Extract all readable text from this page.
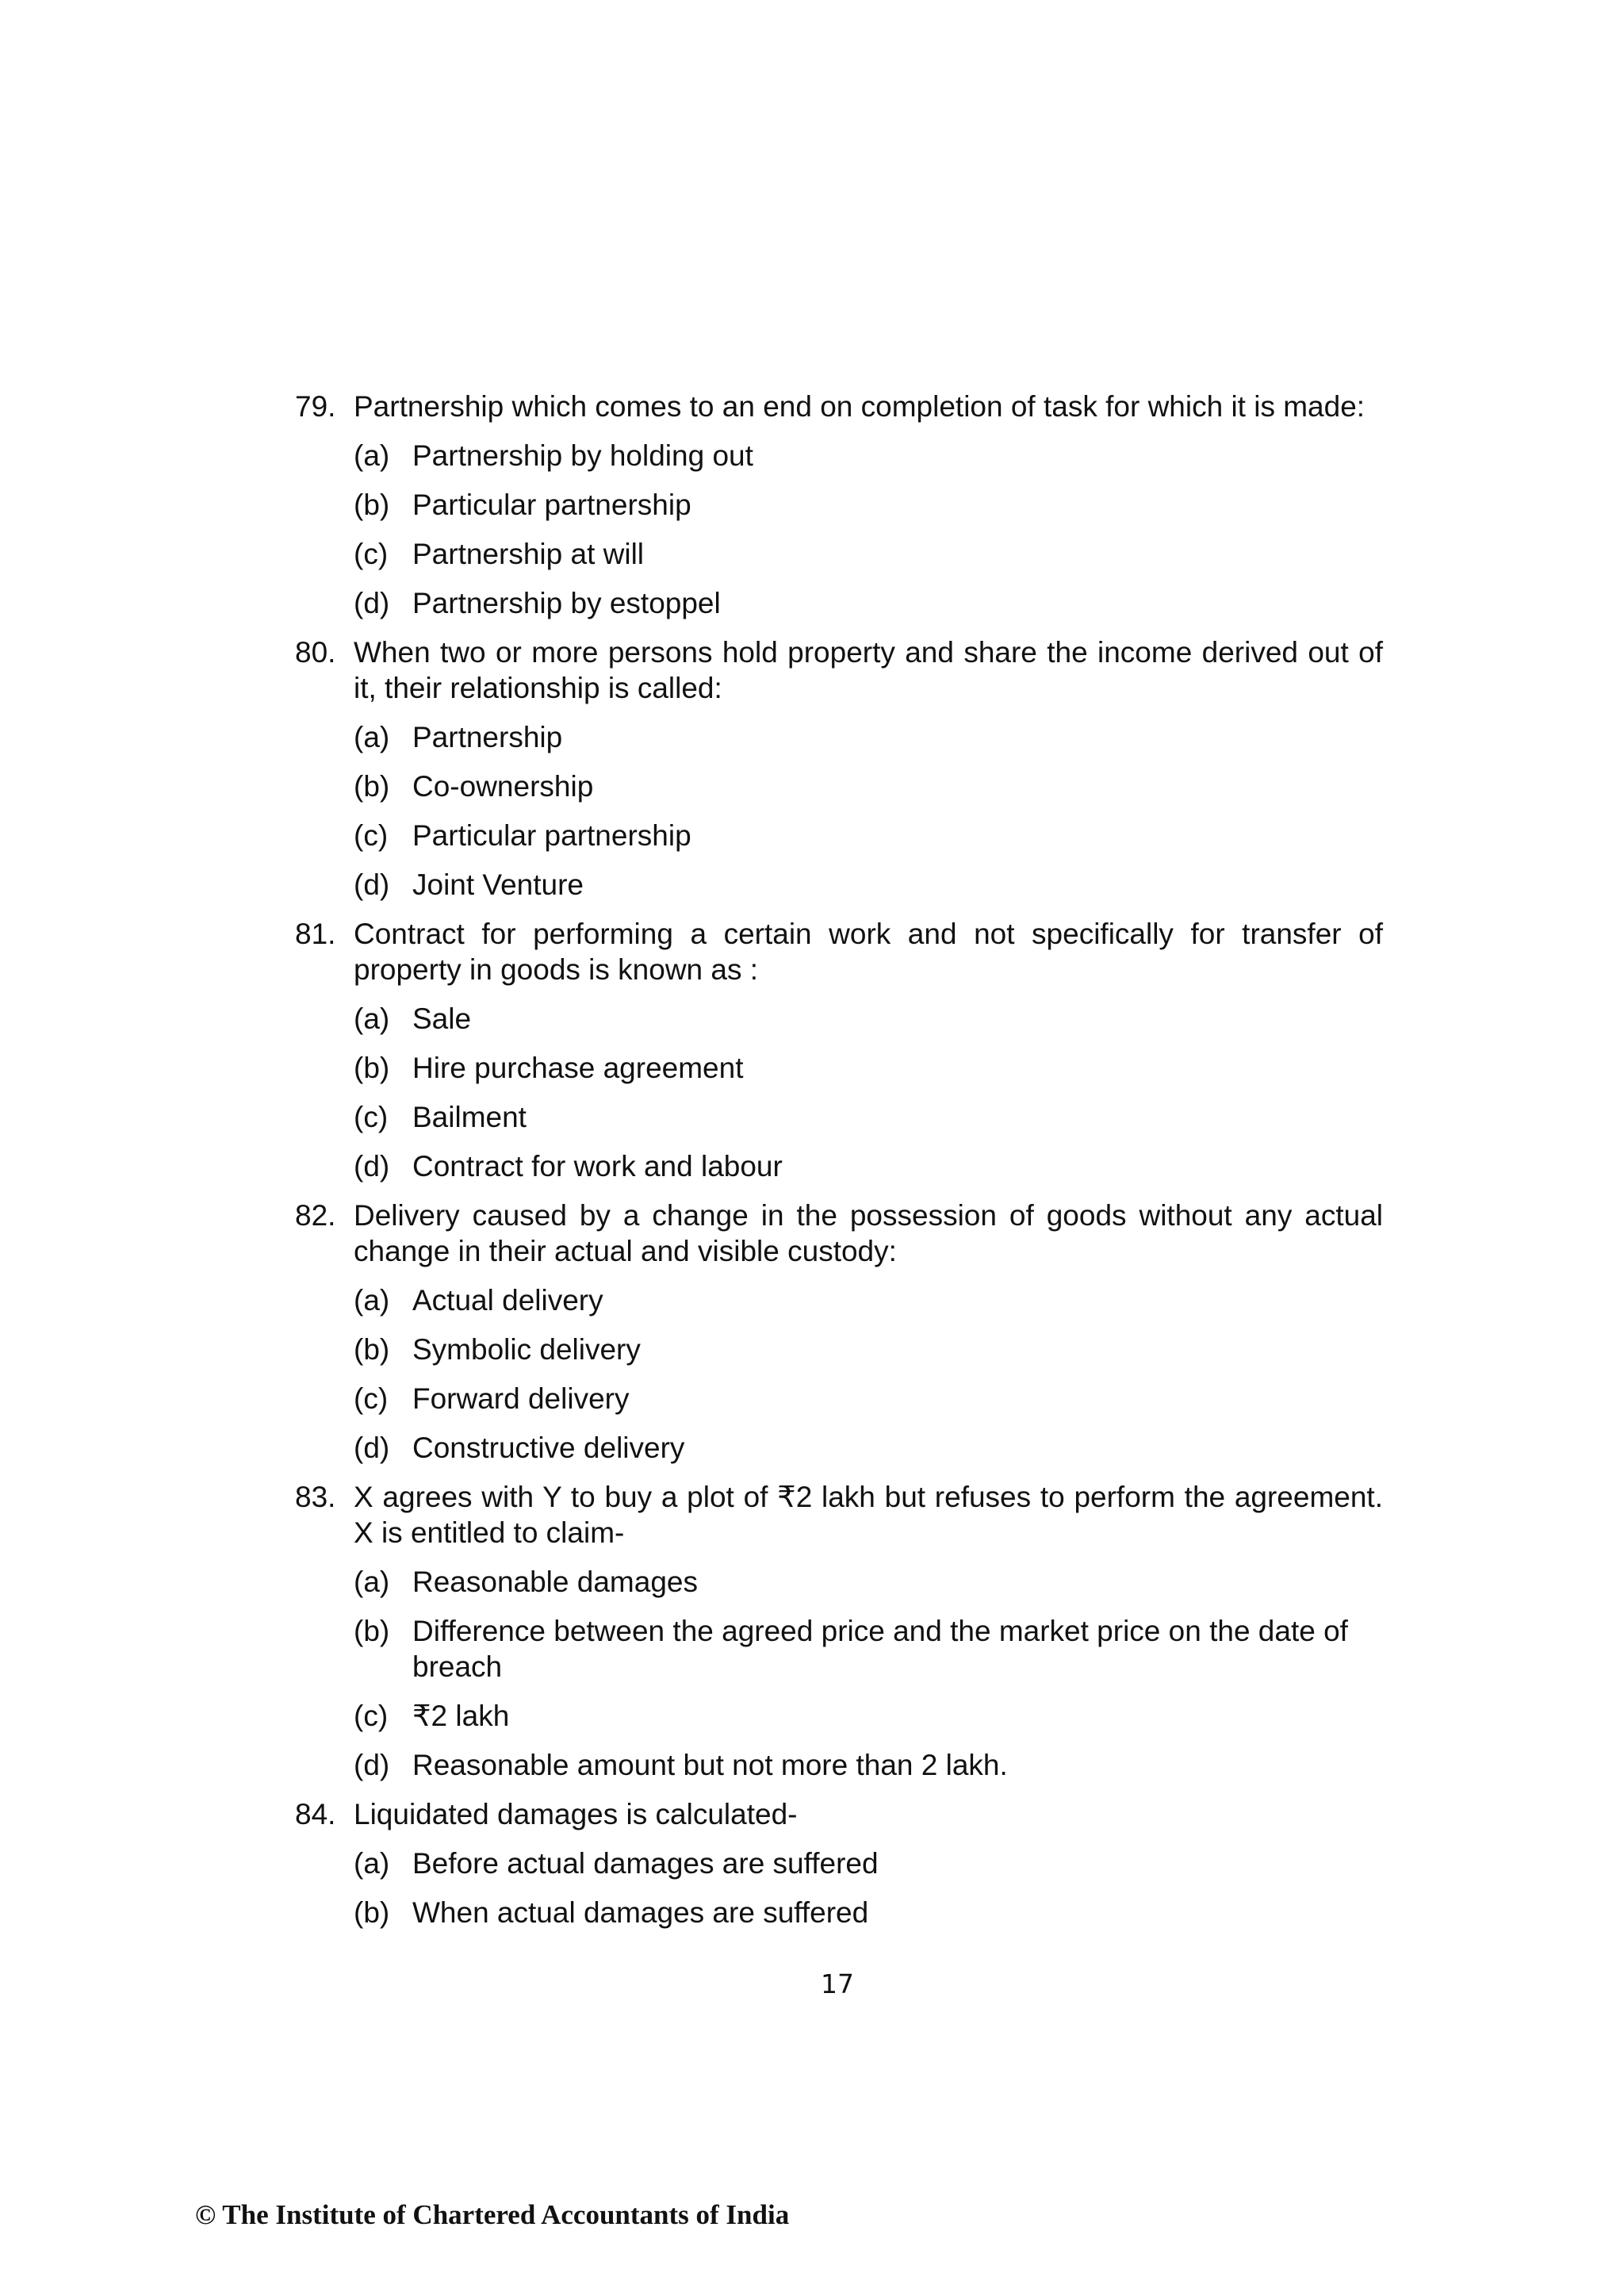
79. Partnership which comes to an end on completion of task for which it is made:
(a) Partnership by holding out
(b) Particular partnership
(c) Partnership at will
(d) Partnership by estoppel
80. When two or more persons hold property and share the income derived out of it, their relationship is called:
(a) Partnership
(b) Co-ownership
(c) Particular partnership
(d) Joint Venture
81. Contract for performing a certain work and not specifically for transfer of property in goods is known as :
(a) Sale
(b) Hire purchase agreement
(c) Bailment
(d) Contract for work and labour
82. Delivery caused by a change in the possession of goods without any actual change in their actual and visible custody:
(a) Actual delivery
(b) Symbolic delivery
(c) Forward delivery
(d) Constructive delivery
83. X agrees with Y to buy a plot of ₹2 lakh but refuses to perform the agreement. X is entitled to claim-
(a) Reasonable damages
(b) Difference between the agreed price and the market price on the date of breach
(c) ₹2 lakh
(d) Reasonable amount but not more than 2 lakh.
84. Liquidated damages is calculated-
(a) Before actual damages are suffered
(b) When actual damages are suffered
17
© The Institute of Chartered Accountants of India
